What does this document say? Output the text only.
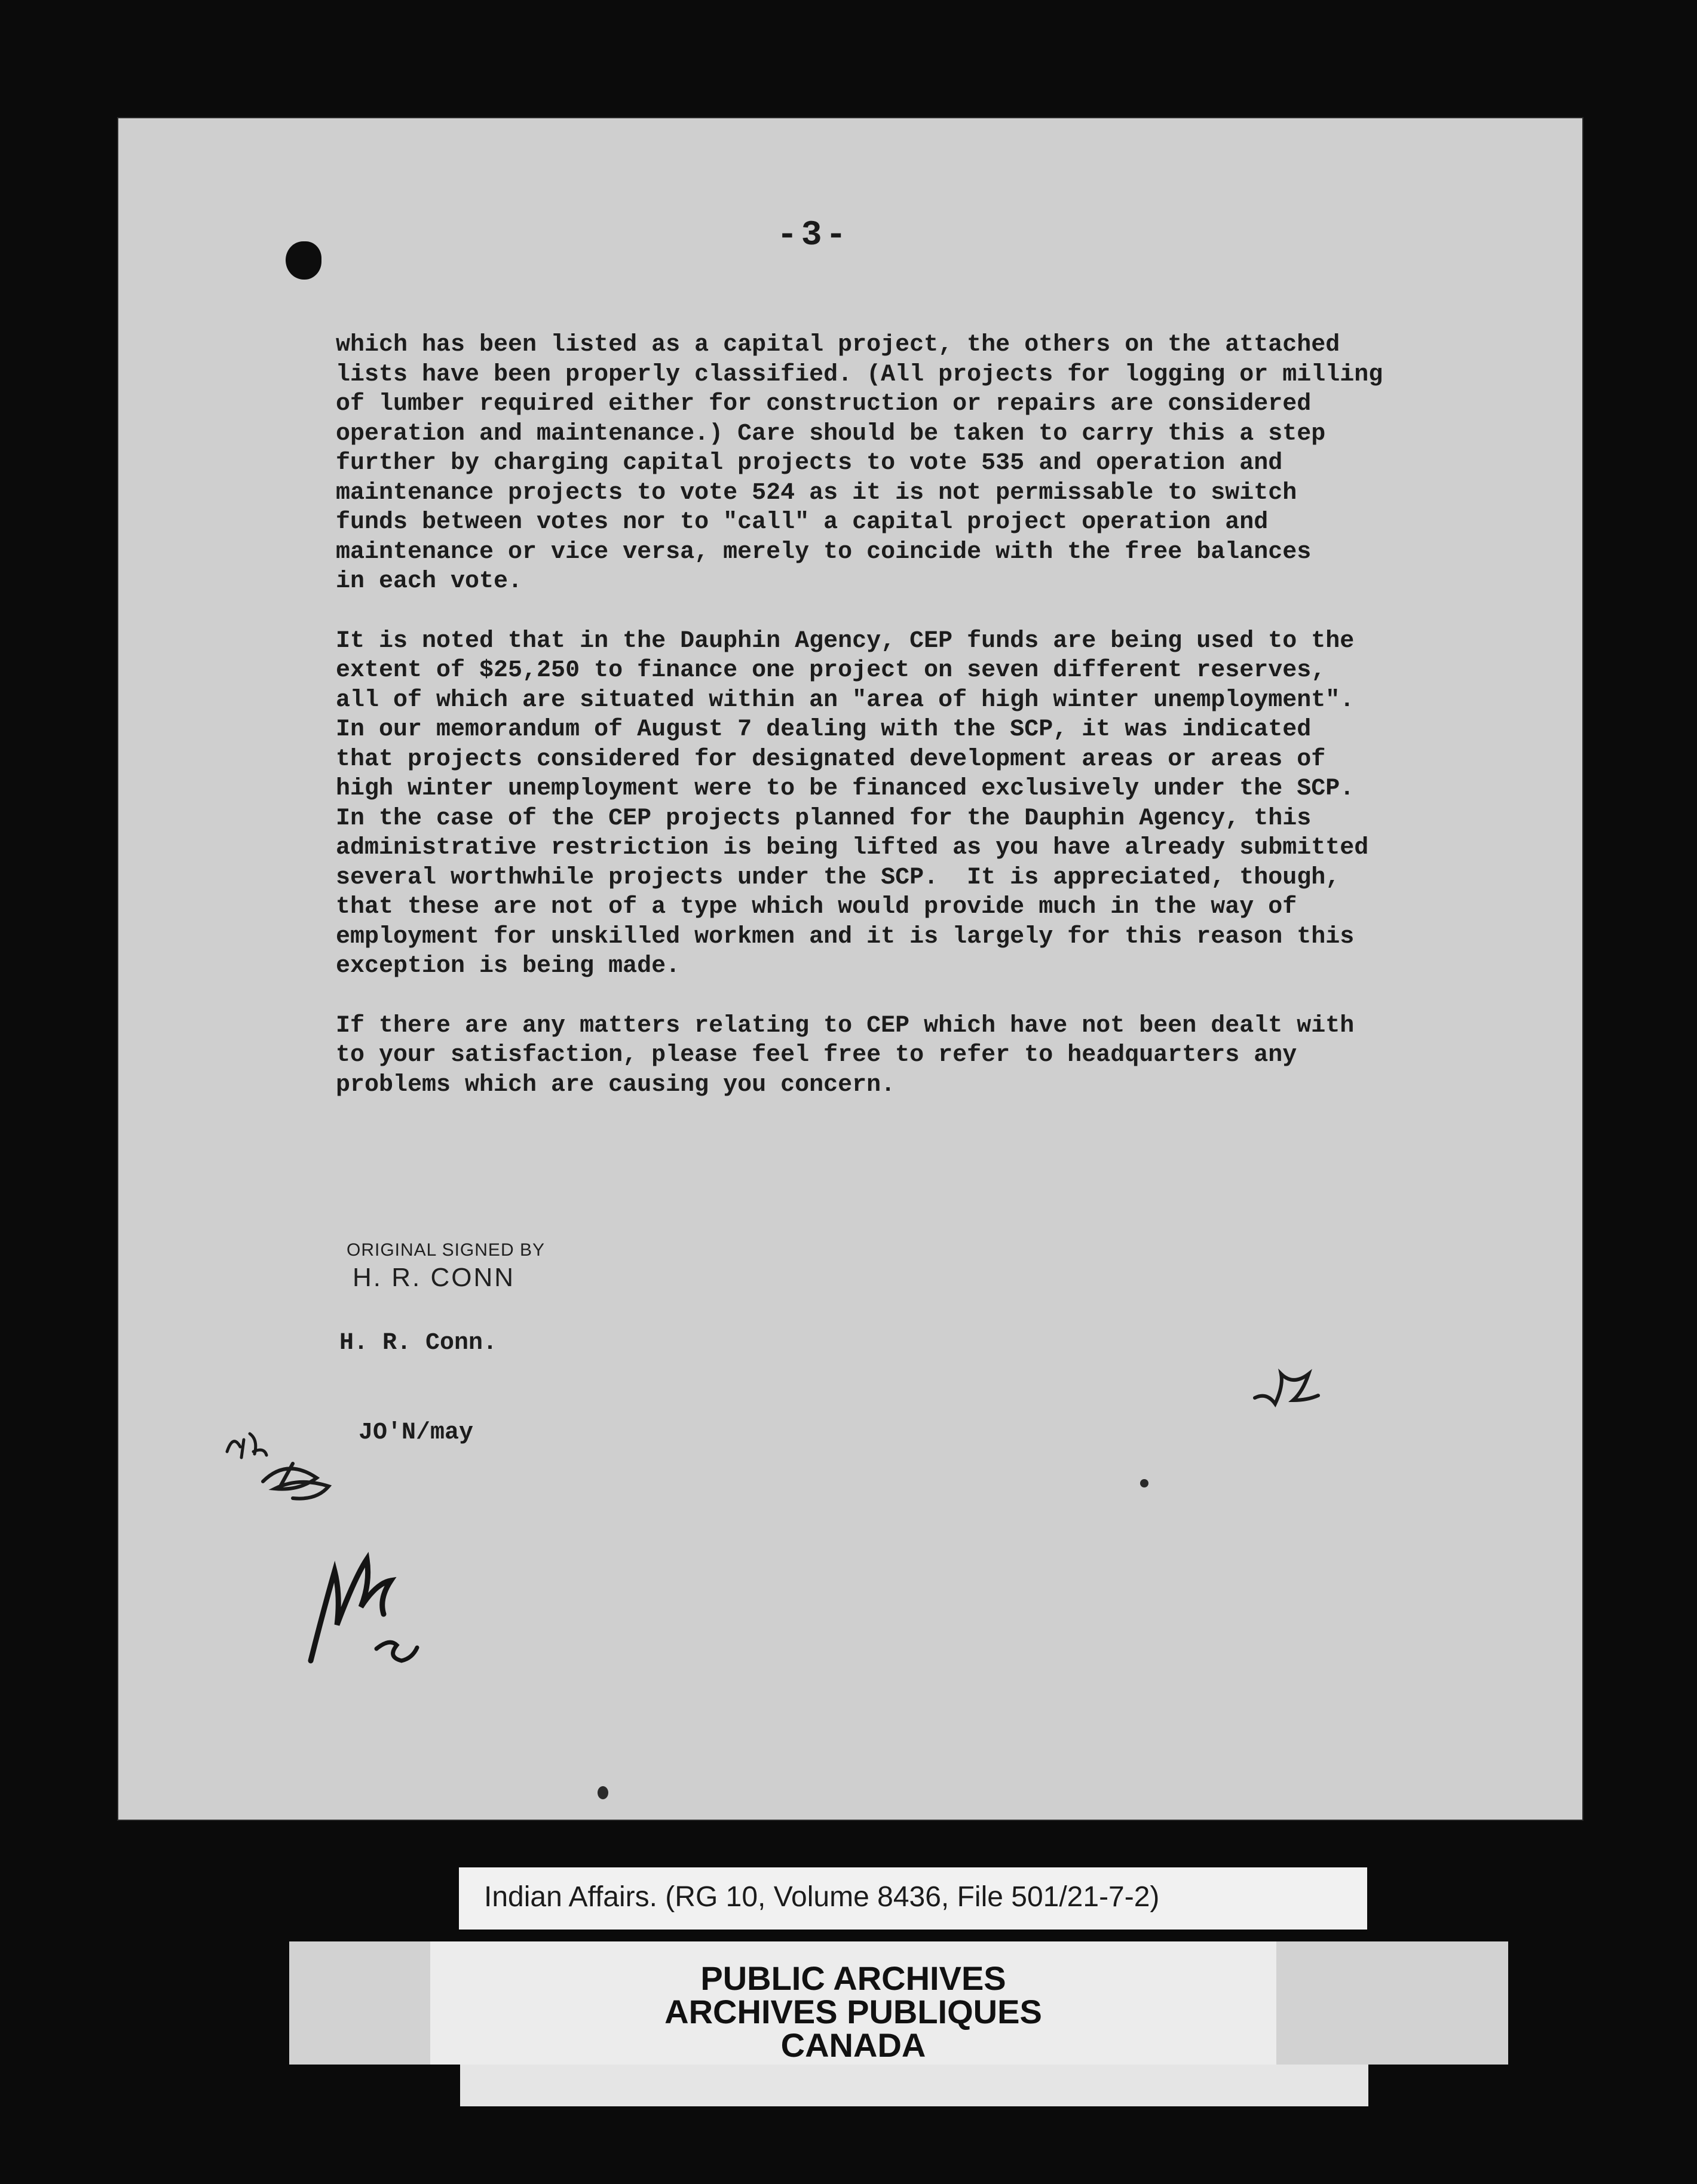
-3-

which has been listed as a capital project, the others on the attached
lists have been properly classified. (All projects for logging or milling
of lumber required either for construction or repairs are considered
operation and maintenance.) Care should be taken to carry this a step
further by charging capital projects to vote 535 and operation and
maintenance projects to vote 524 as it is not permissable to switch
funds between votes nor to "call" a capital project operation and
maintenance or vice versa, merely to coincide with the free balances
in each vote.

It is noted that in the Dauphin Agency, CEP funds are being used to the
extent of $25,250 to finance one project on seven different reserves,
all of which are situated within an "area of high winter unemployment".
In our memorandum of August 7 dealing with the SCP, it was indicated
that projects considered for designated development areas or areas of
high winter unemployment were to be financed exclusively under the SCP.
In the case of the CEP projects planned for the Dauphin Agency, this
administrative restriction is being lifted as you have already submitted
several worthwhile projects under the SCP.  It is appreciated, though,
that these are not of a type which would provide much in the way of
employment for unskilled workmen and it is largely for this reason this
exception is being made.

If there are any matters relating to CEP which have not been dealt with
to your satisfaction, please feel free to refer to headquarters any
problems which are causing you concern.

ORIGINAL SIGNED BY
H. R. CONN
H. R. Conn.
JO'N/may
Indian Affairs. (RG 10, Volume 8436, File 501/21-7-2)
PUBLIC ARCHIVES
ARCHIVES PUBLIQUES
CANADA
